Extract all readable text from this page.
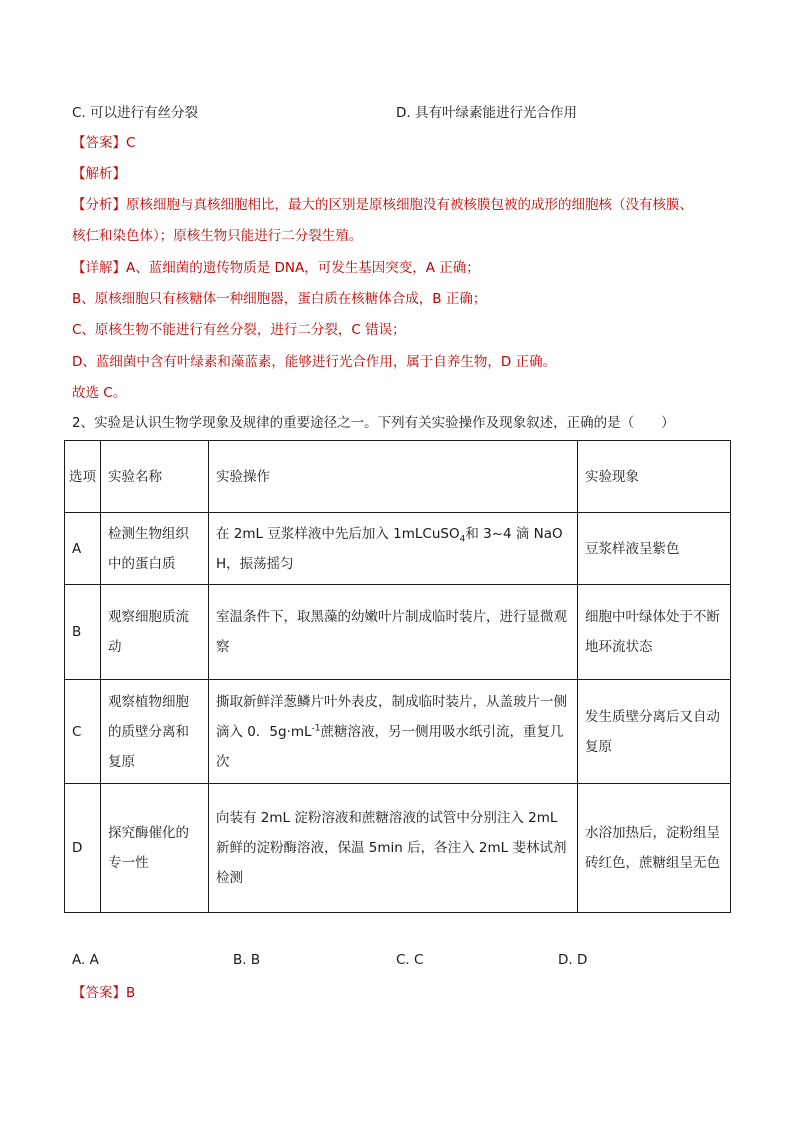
C. 可以进行有丝分裂	D. 具有叶绿素能进行光合作用
【答案】C
【解析】
【分析】原核细胞与真核细胞相比，最大的区别是原核细胞没有被核膜包被的成形的细胞核（没有核膜、
核仁和染色体）；原核生物只能进行二分裂生殖。
【详解】A、蓝细菌的遗传物质是 DNA，可发生基因突变，A 正确；
B、原核细胞只有核糖体一种细胞器，蛋白质在核糖体合成，B 正确；
C、原核生物不能进行有丝分裂，进行二分裂，C 错误；
D、蓝细菌中含有叶绿素和藻蓝素，能够进行光合作用，属于自养生物，D 正确。
故选 C。
2、实验是认识生物学现象及规律的重要途径之一。下列有关实验操作及现象叙述，正确的是（　　）
选项	实验名称	实验操作	实验现象
A	检测生物组织中的蛋白质	在 2mL 豆浆样液中先后加入 1mLCuSO$_4$和 3~4 滴 NaOH，振荡摇匀	豆浆样液呈紫色
B	观察细胞质流动	室温条件下，取黑藻的幼嫩叶片制成临时装片，进行显微观察	细胞中叶绿体处于不断地环流状态
C	观察植物细胞的质壁分离和复原	撕取新鲜洋葱鳞片叶外表皮，制成临时装片，从盖玻片一侧滴入 0．$5g\cdot mL^{-1}$蔗糖溶液，另一侧用吸水纸引流，重复几次	发生质壁分离后又自动复原
D	探究酶催化的专一性	向装有 2mL 淀粉溶液和蔗糖溶液的试管中分别注入 2mL 新鲜的淀粉酶溶液，保温 5min 后，各注入 2mL 斐林试剂检测	水浴加热后，淀粉组呈砖红色，蔗糖组呈无色
A. A	B. B	C. C	D. D
【答案】B
